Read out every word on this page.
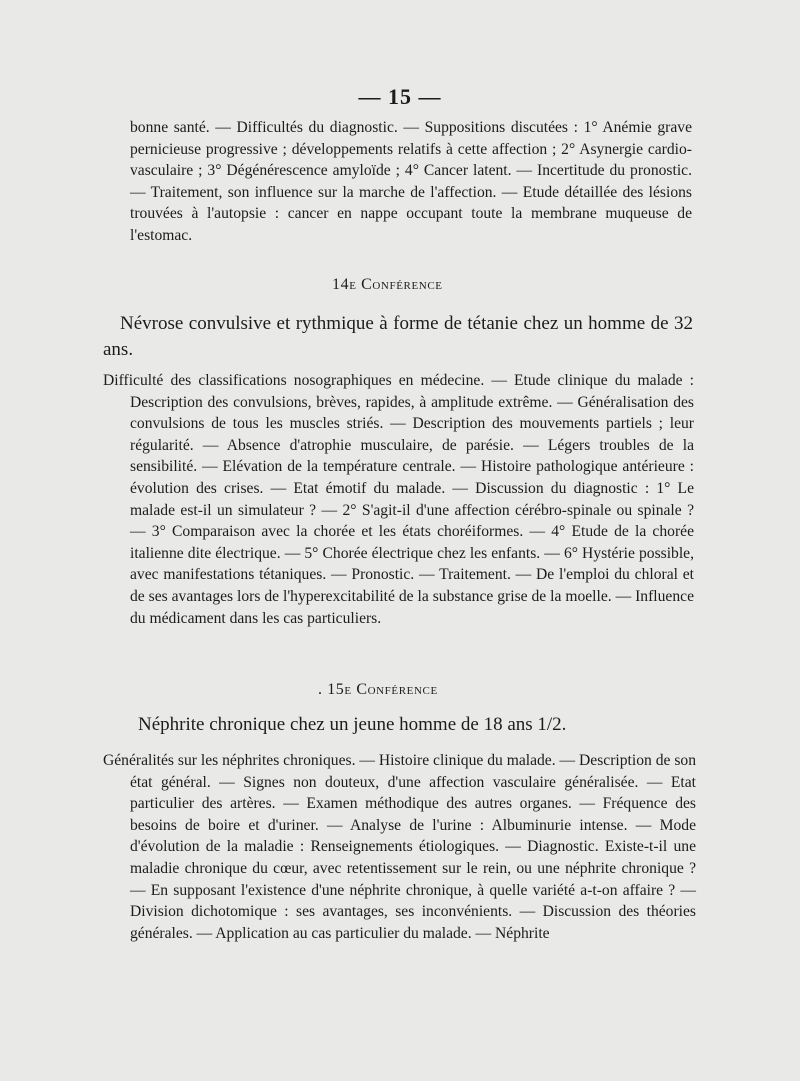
— 15 —

bonne santé. — Difficultés du diagnostic. — Suppositions discutées : 1° Anémie grave pernicieuse progressive ; développements relatifs à cette affection ; 2° Asynergie cardio-vasculaire ; 3° Dégénérescence amyloïde ; 4° Cancer latent. — Incertitude du pronostic. — Traitement, son influence sur la marche de l'affection. — Etude détaillée des lésions trouvées à l'autopsie : cancer en nappe occupant toute la membrane muqueuse de l'estomac.

14e Conférence

Névrose convulsive et rythmique à forme de tétanie chez un homme de 32 ans.

Difficulté des classifications nosographiques en médecine. — Etude clinique du malade : Description des convulsions, brèves, rapides, à amplitude extrême. — Généralisation des convulsions de tous les muscles striés. — Description des mouvements partiels ; leur régularité. — Absence d'atrophie musculaire, de parésie. — Légers troubles de la sensibilité. — Elévation de la température centrale. — Histoire pathologique antérieure : évolution des crises. — Etat émotif du malade. — Discussion du diagnostic : 1° Le malade est-il un simulateur ? — 2° S'agit-il d'une affection cérébro-spinale ou spinale ? — 3° Comparaison avec la chorée et les états choréiformes. — 4° Etude de la chorée italienne dite électrique. — 5° Chorée électrique chez les enfants. — 6° Hystérie possible, avec manifestations tétaniques. — Pronostic. — Traitement. — De l'emploi du chloral et de ses avantages lors de l'hyperexcitabilité de la substance grise de la moelle. — Influence du médicament dans les cas particuliers.

. 15e Conférence

Néphrite chronique chez un jeune homme de 18 ans 1/2.

Généralités sur les néphrites chroniques. — Histoire clinique du malade. — Description de son état général. — Signes non douteux, d'une affection vasculaire généralisée. — Etat particulier des artères. — Examen méthodique des autres organes. — Fréquence des besoins de boire et d'uriner. — Analyse de l'urine : Albuminurie intense. — Mode d'évolution de la maladie : Renseignements étiologiques. — Diagnostic. Existe-t-il une maladie chronique du cœur, avec retentissement sur le rein, ou une néphrite chronique ? — En supposant l'existence d'une néphrite chronique, à quelle variété a-t-on affaire ? — Division dichotomique : ses avantages, ses inconvénients. — Discussion des théories générales. — Application au cas particulier du malade. — Néphrite
